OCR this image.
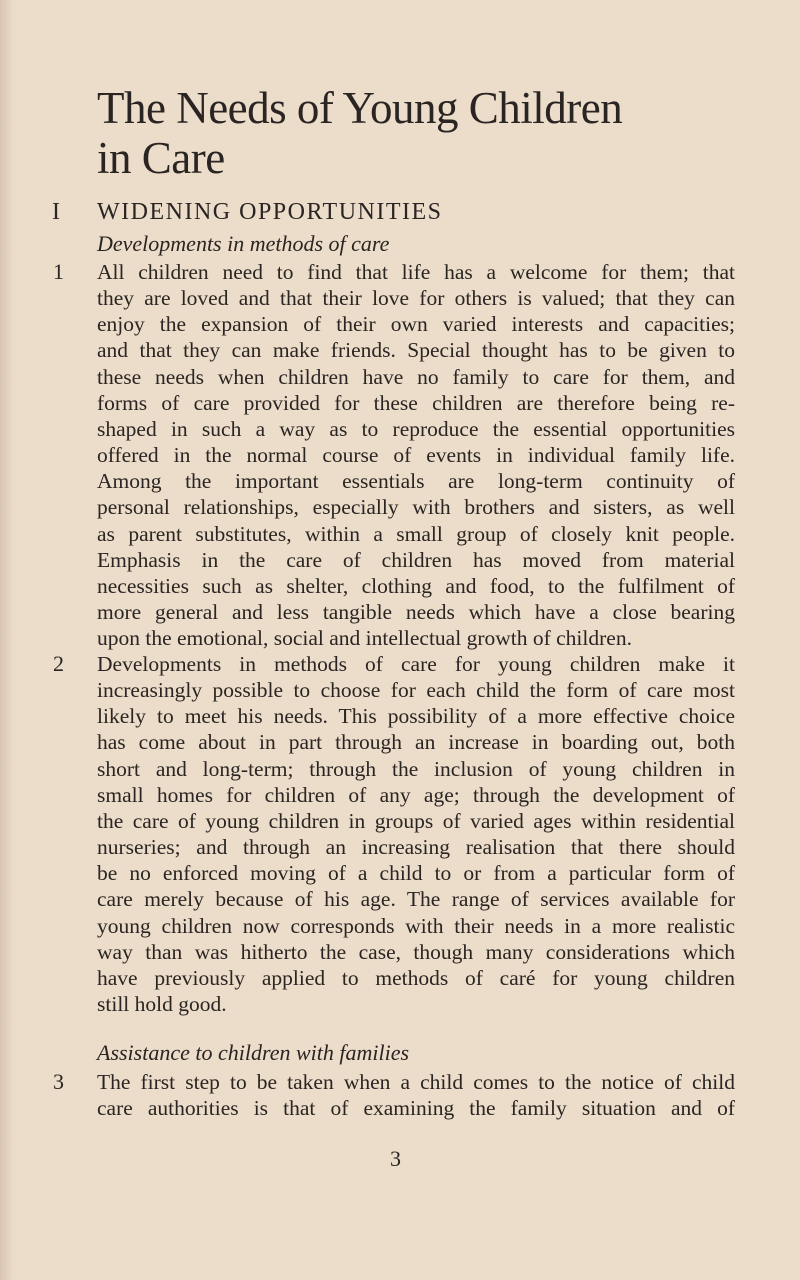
The Needs of Young Children
in Care
I WIDENING OPPORTUNITIES
Developments in methods of care
1 All children need to find that life has a welcome for them; that
they are loved and that their love for others is valued; that they can
enjoy the expansion of their own varied interests and capacities;
and that they can make friends. Special thought has to be given to
these needs when children have no family to care for them, and
forms of care provided for these children are therefore being re-
shaped in such a way as to reproduce the essential opportunities
offered in the normal course of events in individual family life.
Among the important essentials are long-term continuity of
personal relationships, especially with brothers and sisters, as well
as parent substitutes, within a small group of closely knit people.
Emphasis in the care of children has moved from material
necessities such as shelter, clothing and food, to the fulfilment of
more general and less tangible needs which have a close bearing
upon the emotional, social and intellectual growth of children.
2 Developments in methods of care for young children make it
increasingly possible to choose for each child the form of care most
likely to meet his needs. This possibility of a more effective choice
has come about in part through an increase in boarding out, both
short and long-term; through the inclusion of young children in
small homes for children of any age; through the development of
the care of young children in groups of varied ages within residential
nurseries; and through an increasing realisation that there should
be no enforced moving of a child to or from a particular form of
care merely because of his age. The range of services available for
young children now corresponds with their needs in a more realistic
way than was hitherto the case, though many considerations which
have previously applied to methods of caré for young children
still hold good.
Assistance to children with families
3 The first step to be taken when a child comes to the notice of child
care authorities is that of examining the family situation and of
3
